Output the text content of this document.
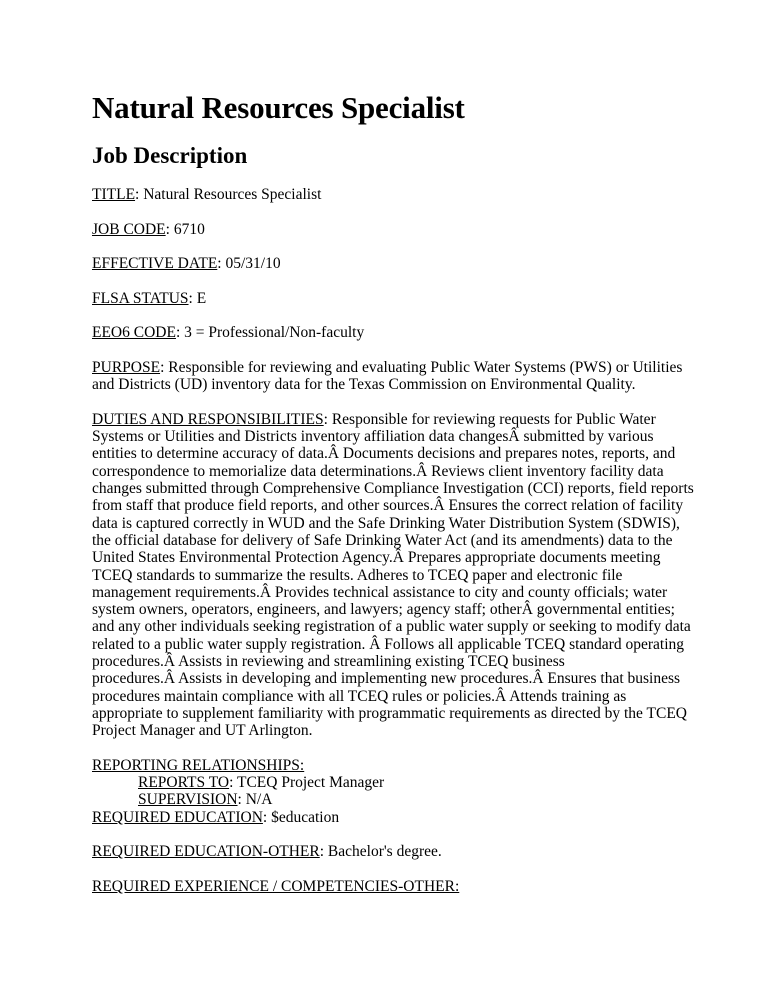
Natural Resources Specialist
Job Description

TITLE: Natural Resources Specialist

JOB CODE: 6710

EFFECTIVE DATE: 05/31/10

FLSA STATUS: E

EEO6 CODE: 3 = Professional/Non-faculty

PURPOSE: Responsible for reviewing and evaluating Public Water Systems (PWS) or Utilities
and Districts (UD) inventory data for the Texas Commission on Environmental Quality.

DUTIES AND RESPONSIBILITIES: Responsible for reviewing requests for Public Water
Systems or Utilities and Districts inventory affiliation data changesÂ submitted by various
entities to determine accuracy of data.Â Documents decisions and prepares notes, reports, and
correspondence to memorialize data determinations.Â Reviews client inventory facility data
changes submitted through Comprehensive Compliance Investigation (CCI) reports, field reports
from staff that produce field reports, and other sources.Â Ensures the correct relation of facility
data is captured correctly in WUD and the Safe Drinking Water Distribution System (SDWIS),
the official database for delivery of Safe Drinking Water Act (and its amendments) data to the
United States Environmental Protection Agency.Â Prepares appropriate documents meeting
TCEQ standards to summarize the results. Adheres to TCEQ paper and electronic file
management requirements.Â Provides technical assistance to city and county officials; water
system owners, operators, engineers, and lawyers; agency staff; otherÂ governmental entities;
and any other individuals seeking registration of a public water supply or seeking to modify data
related to a public water supply registration. Â Follows all applicable TCEQ standard operating
procedures.Â Assists in reviewing and streamlining existing TCEQ business
procedures.Â Assists in developing and implementing new procedures.Â Ensures that business
procedures maintain compliance with all TCEQ rules or policies.Â Attends training as
appropriate to supplement familiarity with programmatic requirements as directed by the TCEQ
Project Manager and UT Arlington.

REPORTING RELATIONSHIPS:
REPORTS TO: TCEQ Project Manager
SUPERVISION: N/A
REQUIRED EDUCATION: $education

REQUIRED EDUCATION-OTHER: Bachelor's degree.

REQUIRED EXPERIENCE / COMPETENCIES-OTHER:
